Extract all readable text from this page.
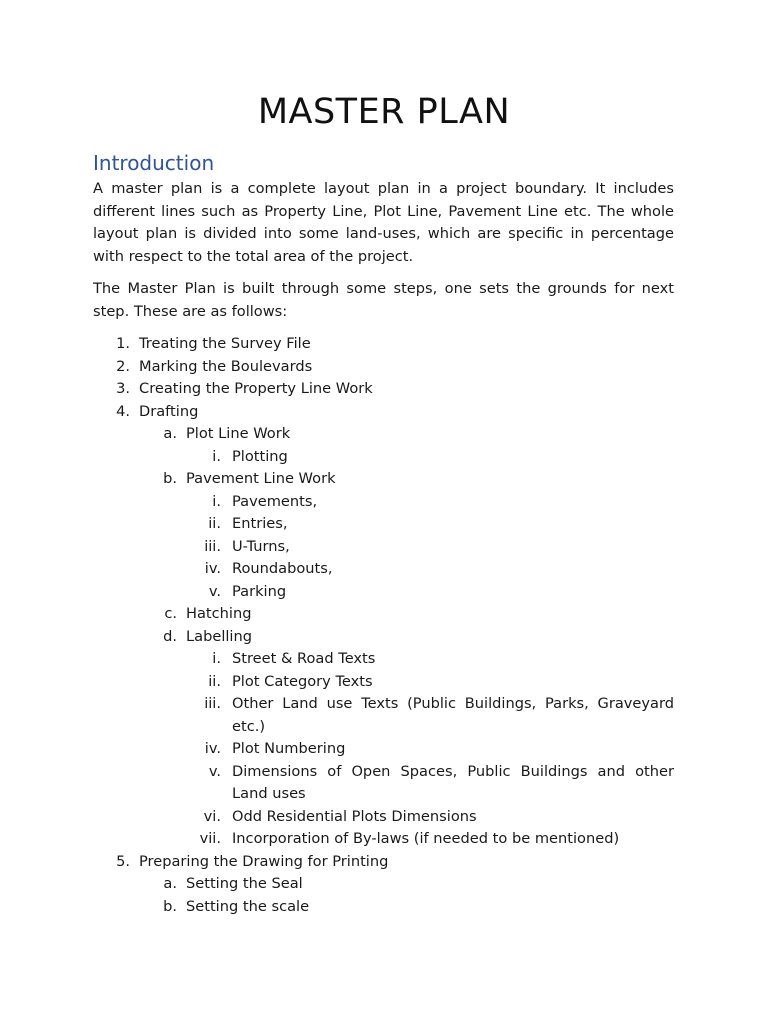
MASTER PLAN
Introduction

A master plan is a complete layout plan in a project boundary. It includes different lines such as Property Line, Plot Line, Pavement Line etc. The whole layout plan is divided into some land-uses, which are specific in percentage with respect to the total area of the project.

The Master Plan is built through some steps, one sets the grounds for next step. These are as follows:

1. Treating the Survey File
2. Marking the Boulevards
3. Creating the Property Line Work
4. Drafting
a. Plot Line Work
i. Plotting
b. Pavement Line Work
i. Pavements,
ii. Entries,
iii. U-Turns,
iv. Roundabouts,
v. Parking
c. Hatching
d. Labelling
i. Street & Road Texts
ii. Plot Category Texts
iii. Other Land use Texts (Public Buildings, Parks, Graveyard etc.)
iv. Plot Numbering
v. Dimensions of Open Spaces, Public Buildings and other Land uses
vi. Odd Residential Plots Dimensions
vii. Incorporation of By-laws (if needed to be mentioned)
5. Preparing the Drawing for Printing
a. Setting the Seal
b. Setting the scale
